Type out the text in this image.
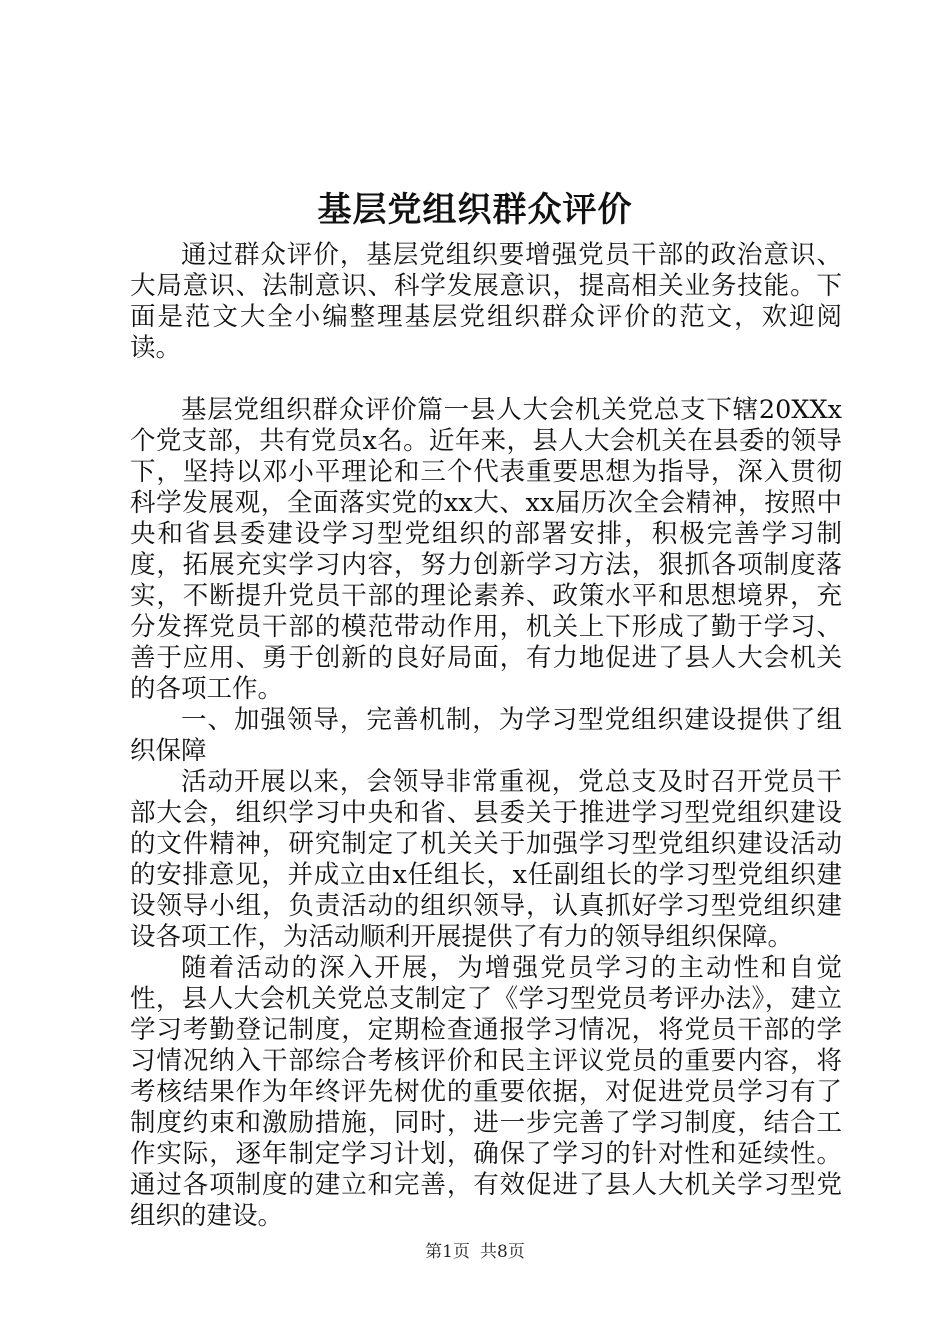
基层党组织群众评价

通过群众评价，基层党组织要增强党员干部的政治意识、大局意识、法制意识、科学发展意识，提高相关业务技能。下面是范文大全小编整理基层党组织群众评价的范文，欢迎阅读。

基层党组织群众评价篇一县人大会机关党总支下辖20XXx个党支部，共有党员x名。近年来，县人大会机关在县委的领导下，坚持以邓小平理论和三个代表重要思想为指导，深入贯彻科学发展观，全面落实党的xx大、xx届历次全会精神，按照中央和省县委建设学习型党组织的部署安排，积极完善学习制度，拓展充实学习内容，努力创新学习方法，狠抓各项制度落实，不断提升党员干部的理论素养、政策水平和思想境界，充分发挥党员干部的模范带动作用，机关上下形成了勤于学习、善于应用、勇于创新的良好局面，有力地促进了县人大会机关的各项工作。

一、加强领导，完善机制，为学习型党组织建设提供了组织保障

活动开展以来，会领导非常重视，党总支及时召开党员干部大会，组织学习中央和省、县委关于推进学习型党组织建设的文件精神，研究制定了机关关于加强学习型党组织建设活动的安排意见，并成立由x任组长，x任副组长的学习型党组织建设领导小组，负责活动的组织领导，认真抓好学习型党组织建设各项工作，为活动顺利开展提供了有力的领导组织保障。

随着活动的深入开展，为增强党员学习的主动性和自觉性，县人大会机关党总支制定了《学习型党员考评办法》，建立学习考勤登记制度，定期检查通报学习情况，将党员干部的学习情况纳入干部综合考核评价和民主评议党员的重要内容，将考核结果作为年终评先树优的重要依据，对促进党员学习有了制度约束和激励措施，同时，进一步完善了学习制度，结合工作实际，逐年制定学习计划，确保了学习的针对性和延续性。通过各项制度的建立和完善，有效促进了县人大机关学习型党组织的建设。

第1页 共8页
